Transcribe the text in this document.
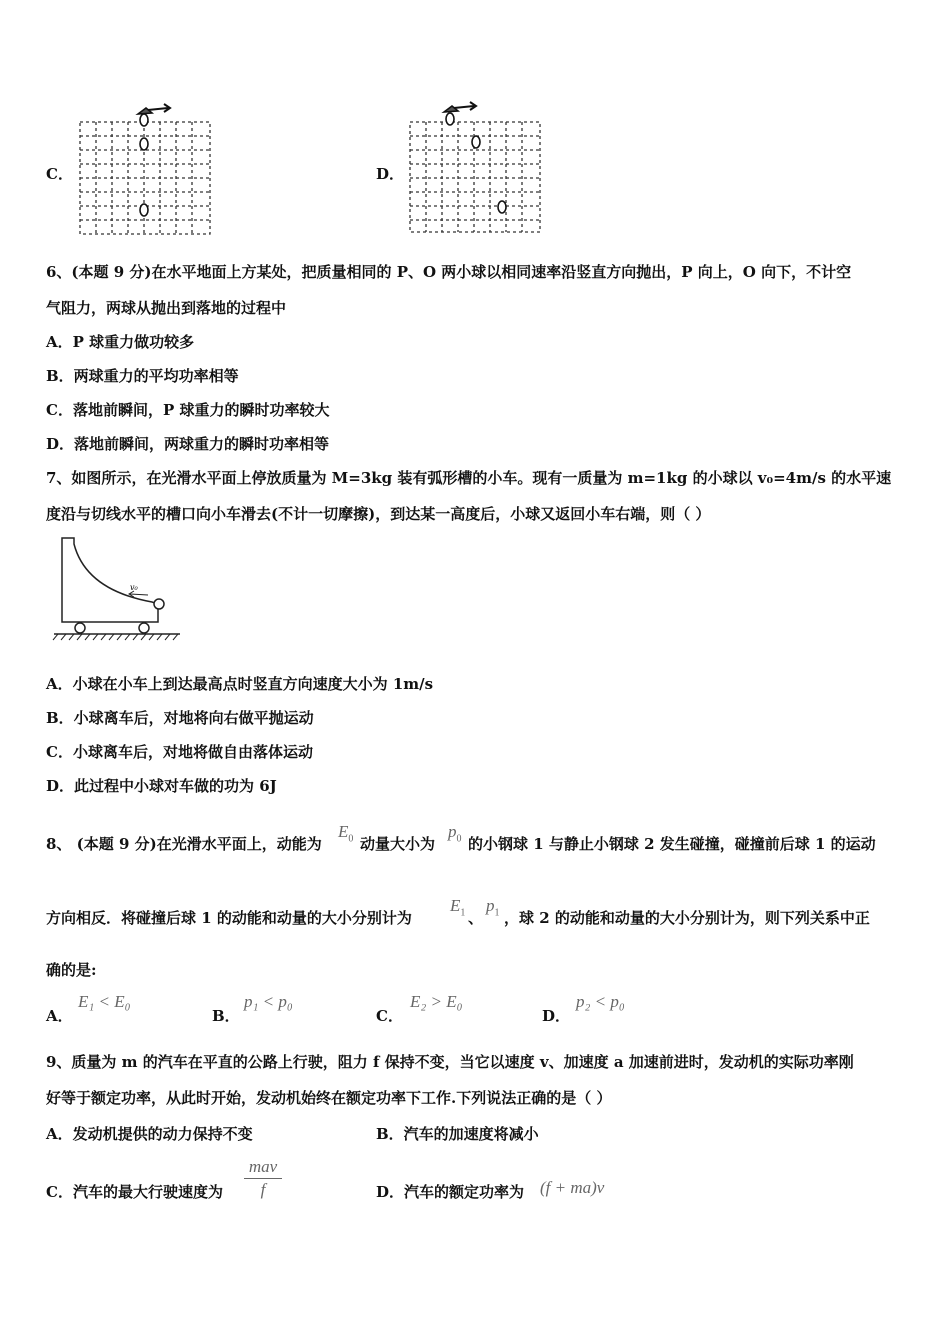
C．	D．
6、(本题 9 分)在水平地面上方某处，把质量相同的 P、O 两小球以相同速率沿竖直方向抛出，P 向上，O 向下，不计空
气阻力，两球从抛出到落地的过程中
A．P 球重力做功较多
B．两球重力的平均功率相等
C．落地前瞬间，P 球重力的瞬时功率较大
D．落地前瞬间，两球重力的瞬时功率相等
7、如图所示，在光滑水平面上停放质量为 M=3kg 装有弧形槽的小车。现有一质量为 m=1kg 的小球以 v₀=4m/s 的水平速
度沿与切线水平的槽口向小车滑去(不计一切摩擦)，到达某一高度后，小球又返回小车右端，则（ ）
v₀
A．小球在小车上到达最高点时竖直方向速度大小为 1m/s
B．小球离车后，对地将向右做平抛运动
C．小球离车后，对地将做自由落体运动
D．此过程中小球对车做的功为 6J
8、 (本题 9 分)在光滑水平面上，动能为
$E_0$ 动量大小为
$p_0$ 的小钢球 1 与静止小钢球 2 发生碰撞，碰撞前后球 1 的运动
方向相反．将碰撞后球 1 的动能和动量的大小分别计为
$E_1$ 、
$p_1$ ，球 2 的动能和动量的大小分别计为，则下列关系中正
确的是:
A．
E₁ < E₀
B．
p₁ < p₀
C．
E₂ > E₀
D．
p₂ < p₀
9、质量为 m 的汽车在平直的公路上行驶，阻力 f 保持不变，当它以速度 v、加速度 a 加速前进时，发动机的实际功率刚
好等于额定功率，从此时开始，发动机始终在额定功率下工作.下列说法正确的是（ ）
A．发动机提供的动力保持不变	B．汽车的加速度将减小
C．汽车的最大行驶速度为
mav
f	D．汽车的额定功率为 (f + ma)v
